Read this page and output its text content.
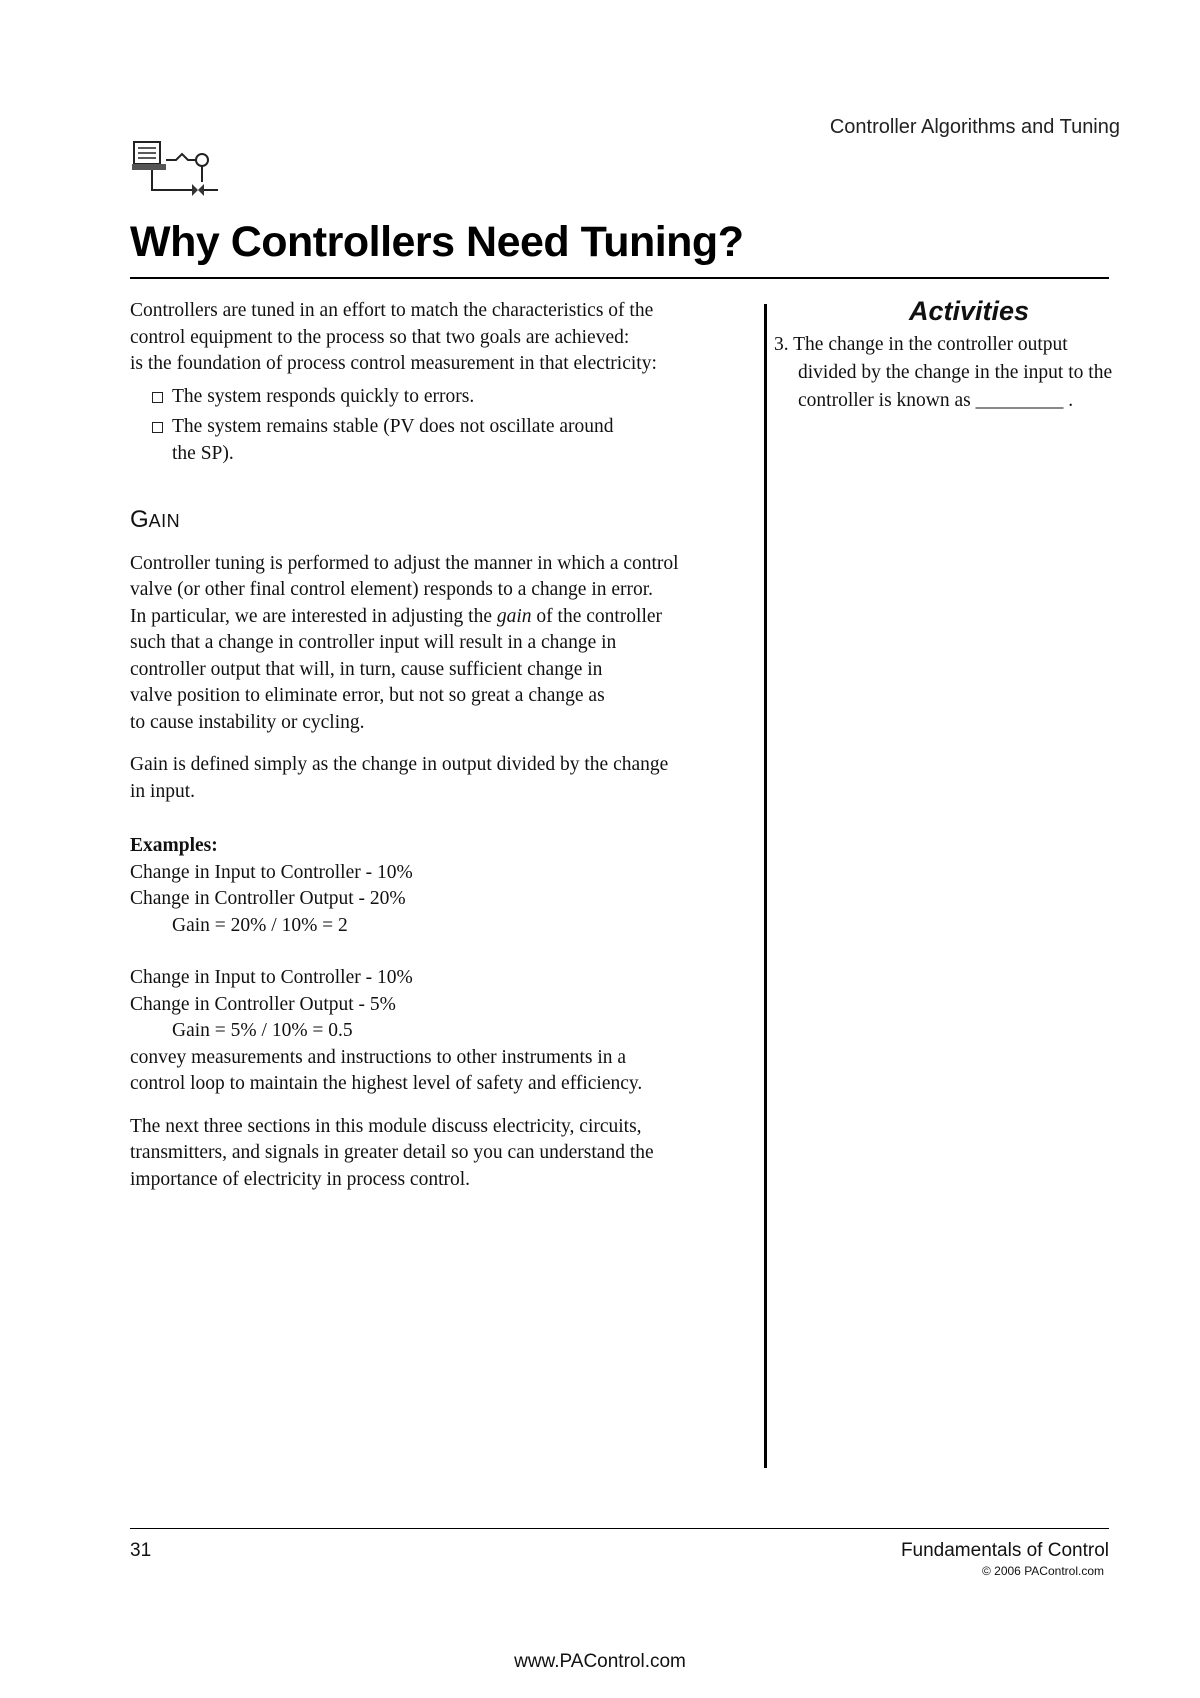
Controller Algorithms and Tuning
Why Controllers Need Tuning?

Controllers are tuned in an effort to match the characteristics of the

control equipment to the process so that two goals are achieved:

is the foundation of process control measurement in that electricity:

The system responds quickly to errors.
The system remains stable (PV does not oscillate around
the SP).
GAIN

Controller tuning is performed to adjust the manner in which a control

valve (or other final control element) responds to a change in error.

In particular, we are interested in adjusting the gain of the controller

such that a change in controller input will result in a change in

controller output that will, in turn, cause sufficient change in

valve position to eliminate error, but not so great a change as

to cause instability or cycling.

Gain is defined simply as the change in output divided by the change

in input.

Examples:

Change in Input to Controller - 10%

Change in Controller Output - 20%

Gain = 20% / 10% = 2

Change in Input to Controller - 10%

Change in Controller Output - 5%

Gain = 5% / 10% = 0.5

convey measurements and instructions to other instruments in a

control loop to maintain the highest level of safety and efficiency.

The next three sections in this module discuss electricity, circuits,

transmitters, and signals in greater detail so you can understand the

importance of electricity in process control.

Activities
3. The change in the controller output
divided by the change in the input to the
controller is known as _________ .
31	Fundamentals of Control
© 2006 PAControl.com
www.PAControl.com
